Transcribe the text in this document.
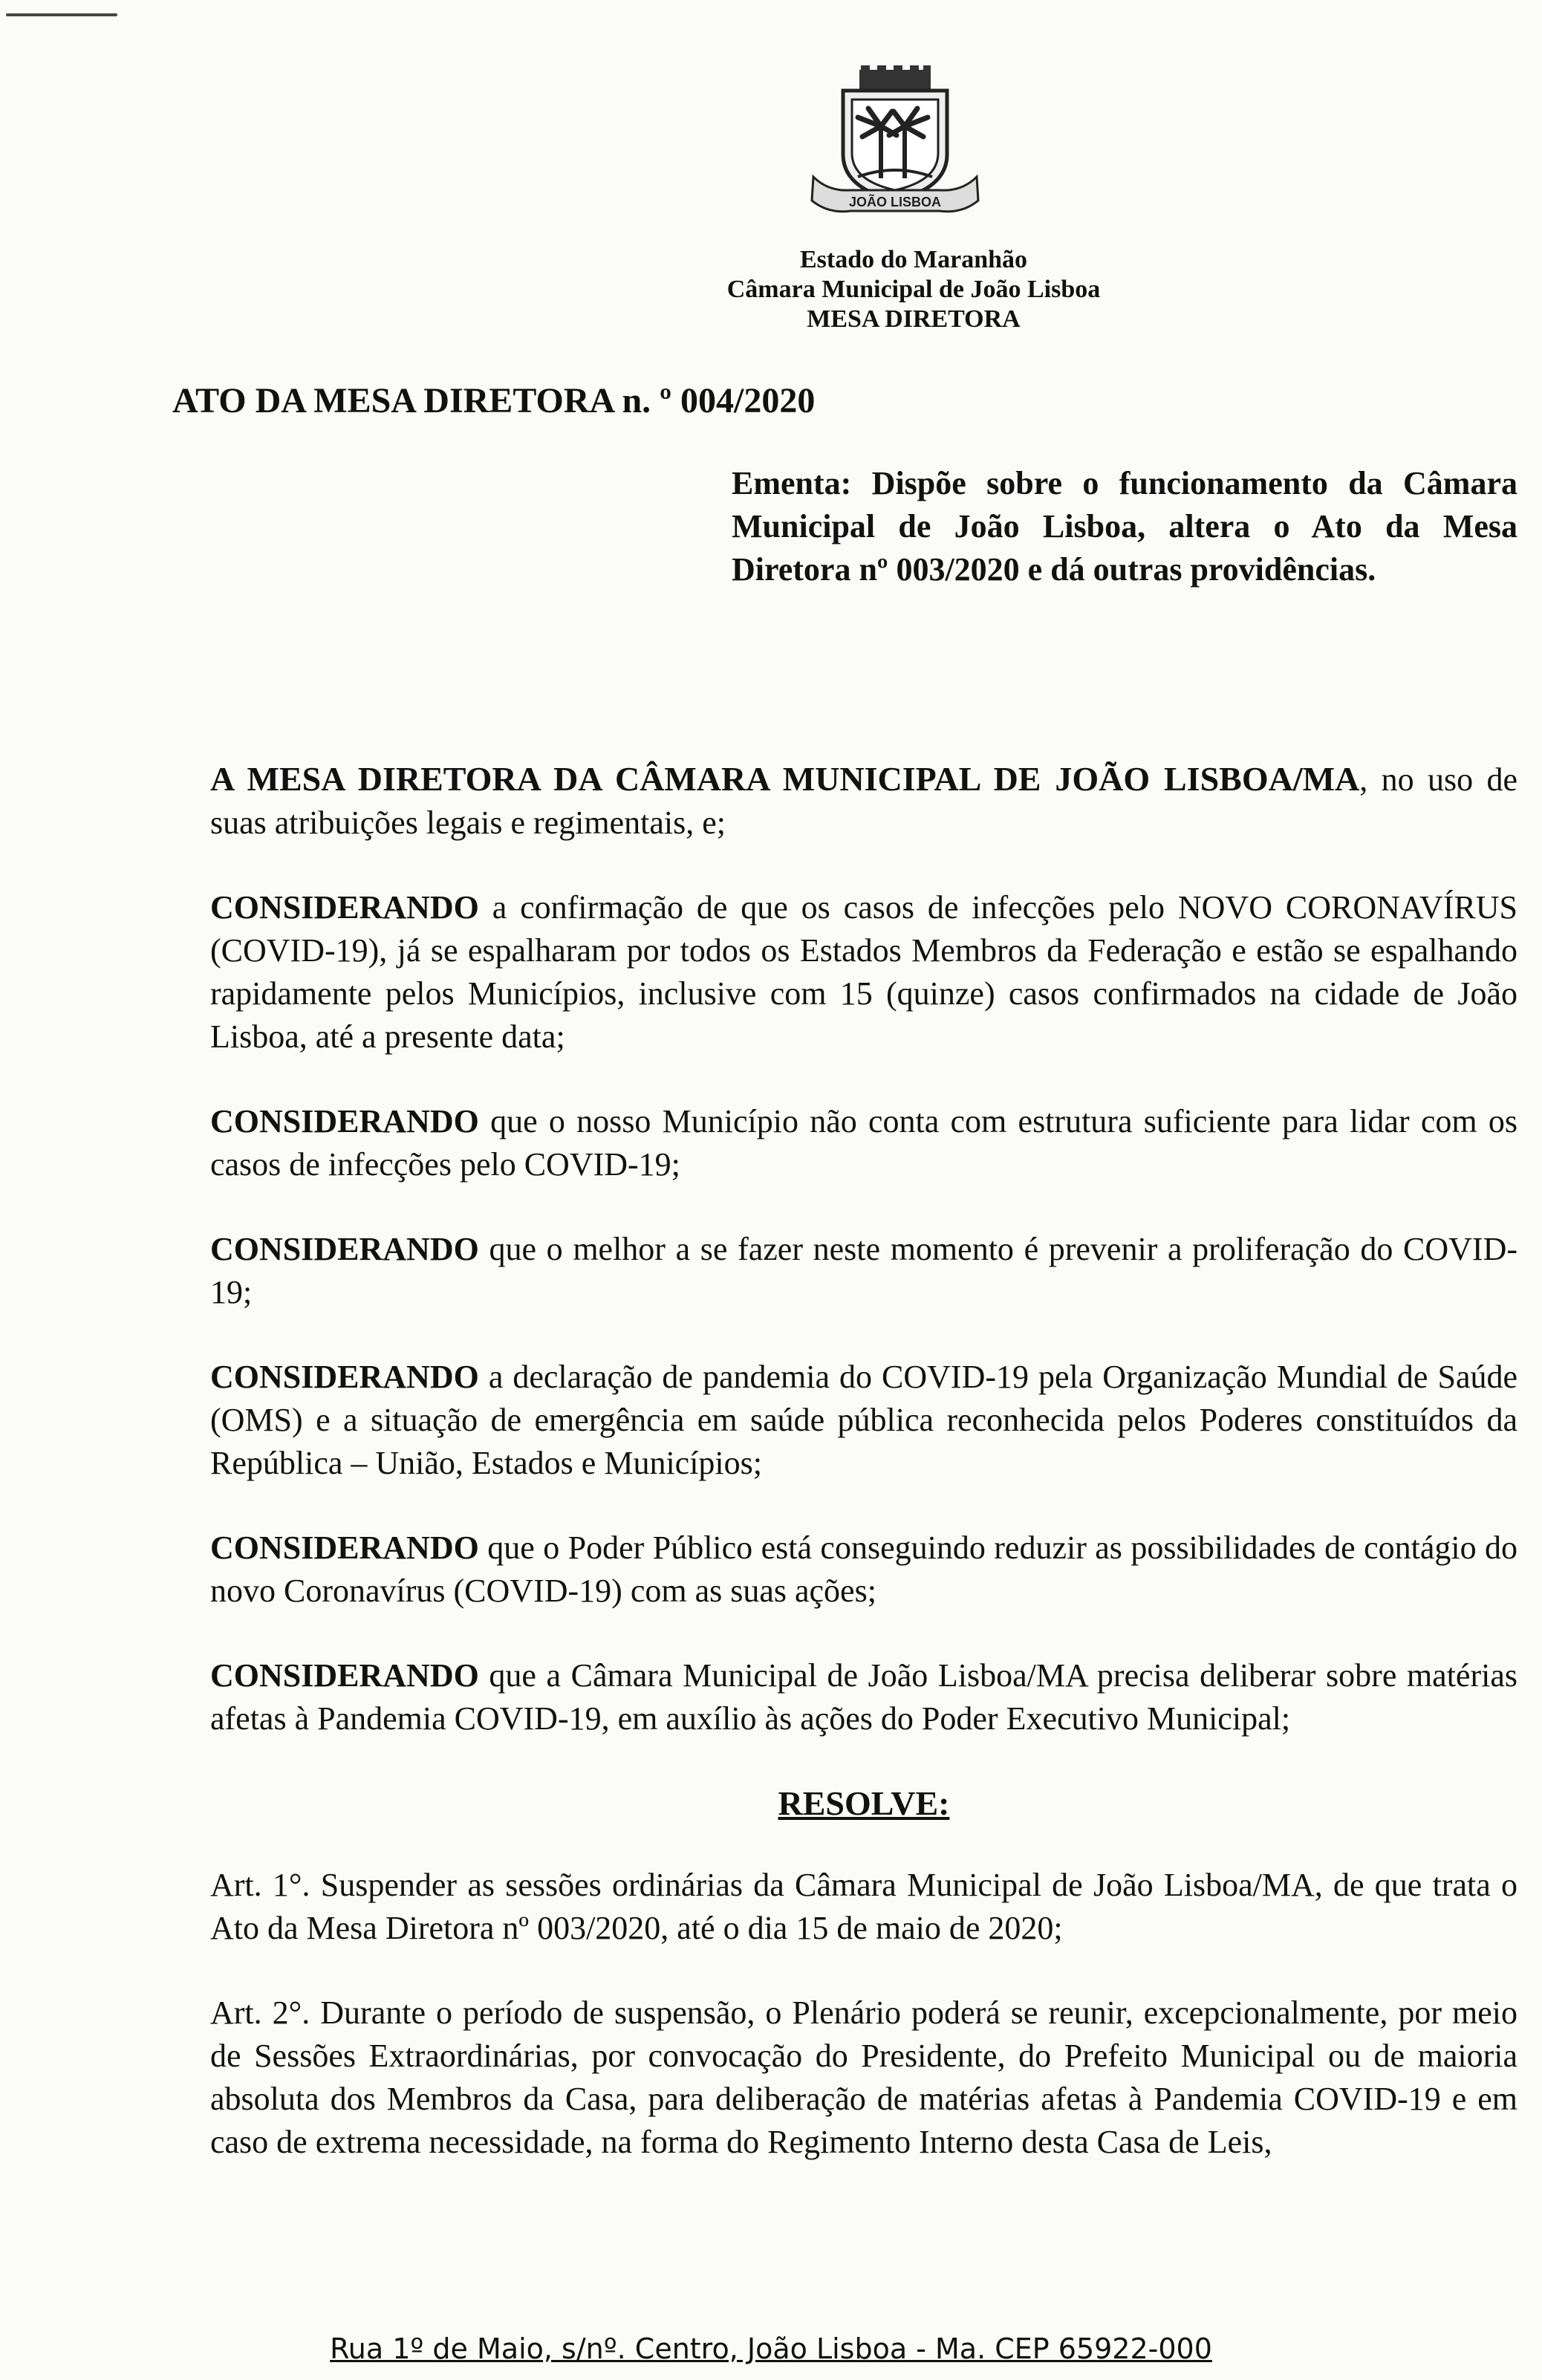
JOÃO LISBOA
Estado do Maranhão
Câmara Municipal de João Lisboa
MESA DIRETORA
ATO DA MESA DIRETORA n. º 004/2020
Ementa: Dispõe sobre o funcionamento da Câmara Municipal de João Lisboa, altera o Ato da Mesa Diretora nº 003/2020 e dá outras providências.

A MESA DIRETORA DA CÂMARA MUNICIPAL DE JOÃO LISBOA/MA, no uso de suas atribuições legais e regimentais, e;

CONSIDERANDO a confirmação de que os casos de infecções pelo NOVO CORONAVÍRUS (COVID-19), já se espalharam por todos os Estados Membros da Federação e estão se espalhando rapidamente pelos Municípios, inclusive com 15 (quinze) casos confirmados na cidade de João Lisboa, até a presente data;

CONSIDERANDO que o nosso Município não conta com estrutura suficiente para lidar com os casos de infecções pelo COVID-19;

CONSIDERANDO que o melhor a se fazer neste momento é prevenir a proliferação do COVID-19;

CONSIDERANDO a declaração de pandemia do COVID-19 pela Organização Mundial de Saúde (OMS) e a situação de emergência em saúde pública reconhecida pelos Poderes constituídos da República – União, Estados e Municípios;

CONSIDERANDO que o Poder Público está conseguindo reduzir as possibilidades de contágio do novo Coronavírus (COVID-19) com as suas ações;

CONSIDERANDO que a Câmara Municipal de João Lisboa/MA precisa deliberar sobre matérias afetas à Pandemia COVID-19, em auxílio às ações do Poder Executivo Municipal;

RESOLVE:

Art. 1°. Suspender as sessões ordinárias da Câmara Municipal de João Lisboa/MA, de que trata o Ato da Mesa Diretora nº 003/2020, até o dia 15 de maio de 2020;

Art. 2°. Durante o período de suspensão, o Plenário poderá se reunir, excepcionalmente, por meio de Sessões Extraordinárias, por convocação do Presidente, do Prefeito Municipal ou de maioria absoluta dos Membros da Casa, para deliberação de matérias afetas à Pandemia COVID-19 e em caso de extrema necessidade, na forma do Regimento Interno desta Casa de Leis,

Rua 1º de Maio, s/nº. Centro, João Lisboa - Ma. CEP 65922-000
